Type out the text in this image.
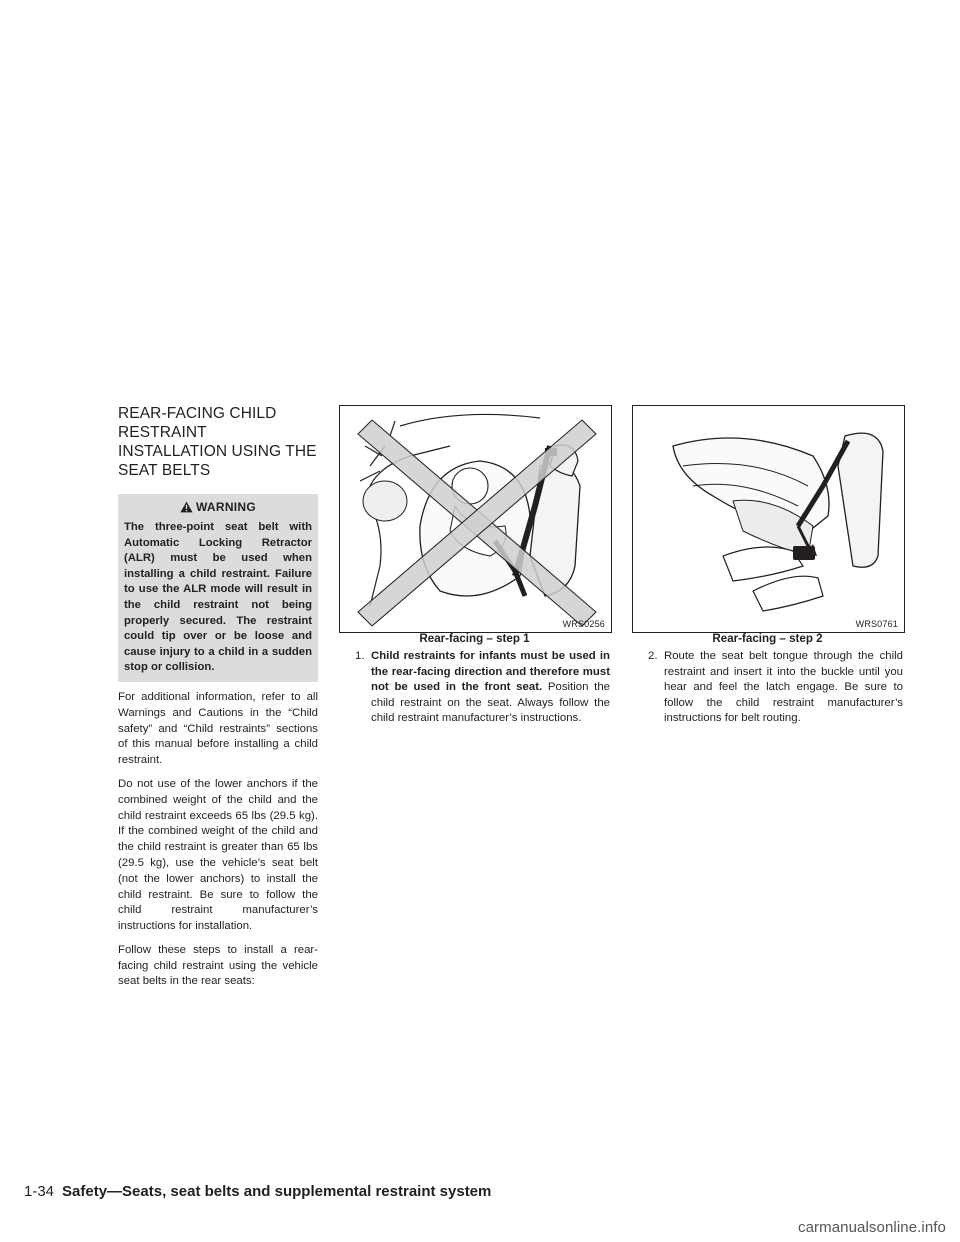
REAR-FACING CHILD RESTRAINT INSTALLATION USING THE SEAT BELTS
WARNING
The three-point seat belt with Automatic Locking Retractor (ALR) must be used when installing a child restraint. Failure to use the ALR mode will result in the child restraint not being properly secured. The restraint could tip over or be loose and cause injury to a child in a sudden stop or collision.

For additional information, refer to all Warnings and Cautions in the “Child safety” and “Child restraints” sections of this manual before installing a child restraint.

Do not use of the lower anchors if the combined weight of the child and the child restraint exceeds 65 lbs (29.5 kg). If the combined weight of the child and the child restraint is greater than 65 lbs (29.5 kg), use the vehicle’s seat belt (not the lower anchors) to install the child restraint. Be sure to follow the child restraint manufacturer’s instructions for installation.

Follow these steps to install a rear-facing child restraint using the vehicle seat belts in the rear seats:

WRS0256
Rear-facing – step 1
WRS0761
Rear-facing – step 2
1. Child restraints for infants must be used in the rear-facing direction and therefore must not be used in the front seat. Position the child restraint on the seat. Always follow the child restraint manufacturer’s instructions.
2. Route the seat belt tongue through the child restraint and insert it into the buckle until you hear and feel the latch engage. Be sure to follow the child restraint manufacturer’s instructions for belt routing.
1-34 Safety—Seats, seat belts and supplemental restraint system
carmanualsonline.info
